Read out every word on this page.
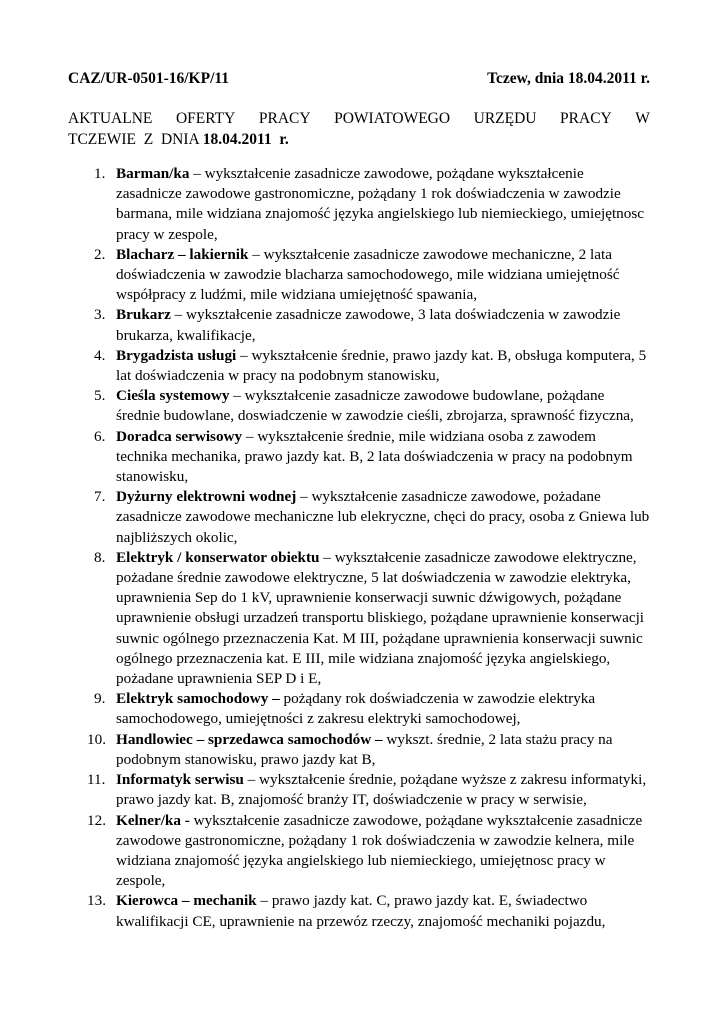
CAZ/UR-0501-16/KP/11	Tczew, dnia 18.04.2011 r.
AKTUALNE OFERTY PRACY POWIATOWEGO URZĘDU PRACY W
TCZEWIE  Z  DNIA 18.04.2011  r.
1. Barman/ka – wykształcenie zasadnicze zawodowe, pożądane wykształcenie zasadnicze zawodowe gastronomiczne, pożądany 1 rok doświadczenia w zawodzie barmana, mile widziana znajomość języka angielskiego lub niemieckiego, umiejętnosc pracy w zespole,
2. Blacharz – lakiernik – wykształcenie zasadnicze zawodowe mechaniczne, 2 lata doświadczenia w zawodzie blacharza samochodowego, mile widziana umiejętność współpracy z ludźmi, mile widziana umiejętność spawania,
3. Brukarz – wykształcenie zasadnicze zawodowe, 3 lata doświadczenia w zawodzie brukarza, kwalifikacje,
4. Brygadzista usługi – wykształcenie średnie, prawo jazdy kat. B, obsługa komputera, 5 lat doświadczenia w pracy na podobnym stanowisku,
5. Cieśla systemowy – wykształcenie zasadnicze zawodowe budowlane, pożądane średnie budowlane, doswiadczenie w zawodzie cieśli, zbrojarza, sprawność fizyczna,
6. Doradca serwisowy – wykształcenie średnie, mile widziana osoba z zawodem technika mechanika, prawo jazdy kat. B, 2 lata doświadczenia w pracy na podobnym stanowisku,
7. Dyżurny elektrowni wodnej – wykształcenie zasadnicze zawodowe, pożadane zasadnicze zawodowe mechaniczne lub elekryczne, chęci do pracy, osoba z Gniewa lub najbliższych okolic,
8. Elektryk / konserwator obiektu – wykształcenie zasadnicze zawodowe elektryczne, pożadane średnie zawodowe elektryczne, 5 lat doświadczenia w zawodzie elektryka, uprawnienia Sep do 1 kV, uprawnienie konserwacji suwnic dźwigowych, pożądane uprawnienie obsługi urzadzeń transportu bliskiego, pożądane uprawnienie konserwacji suwnic ogólnego przeznaczenia Kat. M III, pożądane uprawnienia konserwacji suwnic ogólnego przeznaczenia kat. E III, mile widziana znajomość języka angielskiego, pożadane uprawnienia SEP D i E,
9. Elektryk samochodowy – pożądany rok doświadczenia w zawodzie elektryka samochodowego, umiejętności z zakresu elektryki samochodowej,
10. Handlowiec – sprzedawca samochodów – wykszt. średnie, 2 lata stażu pracy na podobnym stanowisku, prawo jazdy kat B,
11. Informatyk serwisu – wykształcenie średnie, pożądane wyższe z zakresu informatyki, prawo jazdy kat. B, znajomość branży IT, doświadczenie w pracy w serwisie,
12. Kelner/ka - wykształcenie zasadnicze zawodowe, pożądane wykształcenie zasadnicze zawodowe gastronomiczne, pożądany 1 rok doświadczenia w zawodzie kelnera, mile widziana znajomość języka angielskiego lub niemieckiego, umiejętnosc pracy w zespole,
13. Kierowca – mechanik – prawo jazdy kat. C, prawo jazdy kat. E, świadectwo kwalifikacji CE, uprawnienie na przewóz rzeczy, znajomość mechaniki pojazdu,
